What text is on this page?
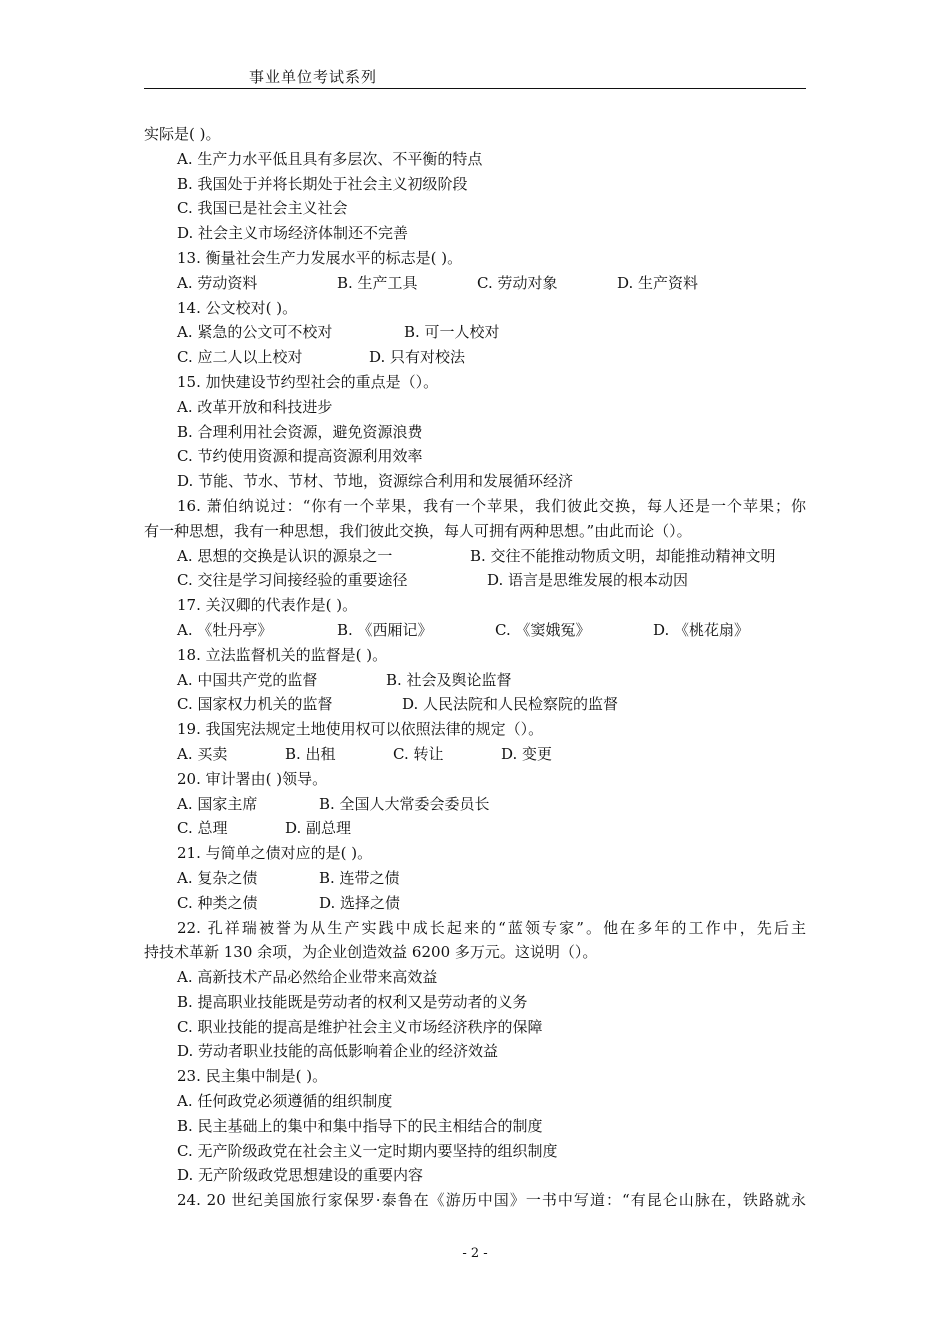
事业单位考试系列
实际是( )。
A. 生产力水平低且具有多层次、不平衡的特点
B. 我国处于并将长期处于社会主义初级阶段
C. 我国已是社会主义社会
D. 社会主义市场经济体制还不完善
13. 衡量社会生产力发展水平的标志是( )。
A. 劳动资料	B. 生产工具	C. 劳动对象	D. 生产资料
14. 公文校对( )。
A. 紧急的公文可不校对	B. 可一人校对
C. 应二人以上校对	D. 只有对校法
15. 加快建设节约型社会的重点是（）。
A. 改革开放和科技进步
B. 合理利用社会资源，避免资源浪费
C. 节约使用资源和提高资源利用效率
D. 节能、节水、节材、节地，资源综合利用和发展循环经济
16. 萧伯纳说过：“你有一个苹果，我有一个苹果，我们彼此交换，每人还是一个苹果；你
有一种思想，我有一种思想，我们彼此交换，每人可拥有两种思想。”由此而论（）。
A. 思想的交换是认识的源泉之一	B. 交往不能推动物质文明，却能推动精神文明
C. 交往是学习间接经验的重要途径	D. 语言是思维发展的根本动因
17. 关汉卿的代表作是( )。
A. 《牡丹亭》	B. 《西厢记》	C. 《窦娥冤》	D. 《桃花扇》
18. 立法监督机关的监督是( )。
A. 中国共产党的监督	B. 社会及舆论监督
C. 国家权力机关的监督	D. 人民法院和人民检察院的监督
19. 我国宪法规定土地使用权可以依照法律的规定（）。
A. 买卖	B. 出租	C. 转让	D. 变更
20. 审计署由( )领导。
A. 国家主席	B. 全国人大常委会委员长
C. 总理	D. 副总理
21. 与简单之债对应的是( )。
A. 复杂之债	B. 连带之债
C. 种类之债	D. 选择之债
22. 孔祥瑞被誉为从生产实践中成长起来的“蓝领专家”。他在多年的工作中，先后主
持技术革新 130 余项，为企业创造效益 6200 多万元。这说明（）。
A. 高新技术产品必然给企业带来高效益
B. 提高职业技能既是劳动者的权利又是劳动者的义务
C. 职业技能的提高是维护社会主义市场经济秩序的保障
D. 劳动者职业技能的高低影响着企业的经济效益
23. 民主集中制是( )。
A. 任何政党必须遵循的组织制度
B. 民主基础上的集中和集中指导下的民主相结合的制度
C. 无产阶级政党在社会主义一定时期内要坚持的组织制度
D. 无产阶级政党思想建设的重要内容
24. 20 世纪美国旅行家保罗·泰鲁在《游历中国》一书中写道：“有昆仑山脉在，铁路就永
- 2 -
